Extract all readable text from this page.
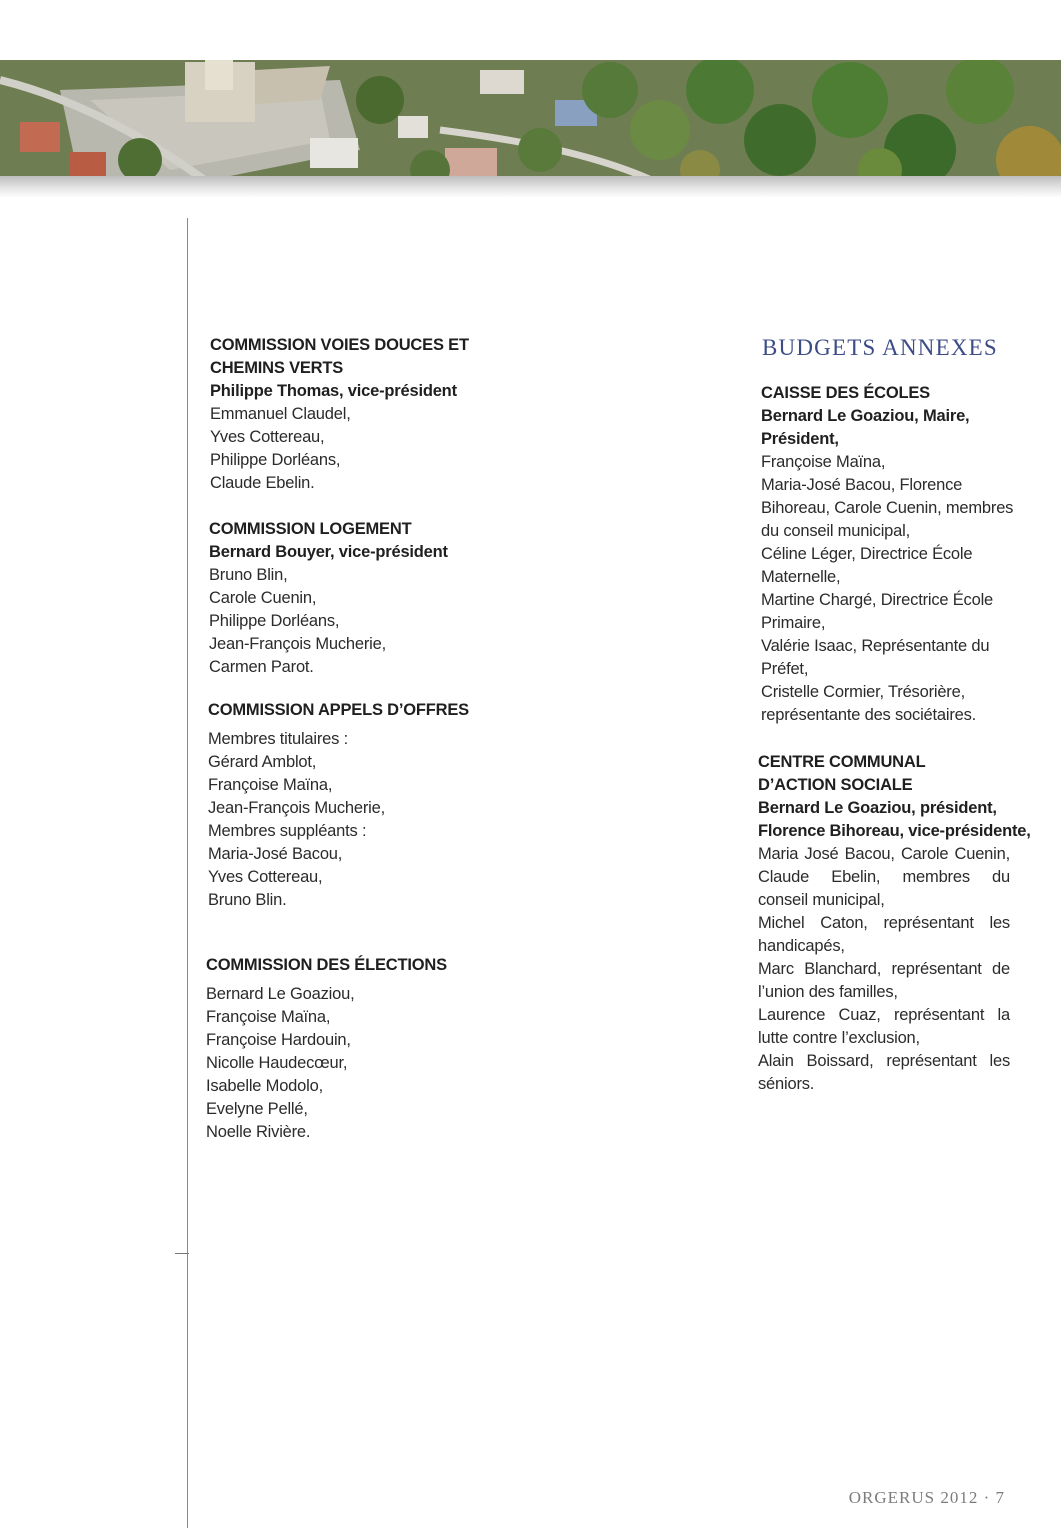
COMMISSION VOIES DOUCES ET
CHEMINS VERTS
Philippe Thomas, vice-président
Emmanuel Claudel,
Yves Cottereau,
Philippe Dorléans,
Claude Ebelin.
COMMISSION LOGEMENT
Bernard Bouyer, vice-président
Bruno Blin,
Carole Cuenin,
Philippe Dorléans,
Jean-François Mucherie,
Carmen Parot.
COMMISSION APPELS D’OFFRES
Membres titulaires :
Gérard Amblot,
Françoise Maïna,
Jean-François Mucherie,
Membres suppléants :
Maria-José Bacou,
Yves Cottereau,
Bruno Blin.
COMMISSION DES ÉLECTIONS
Bernard Le Goaziou,
Françoise Maïna,
Françoise Hardouin,
Nicolle Haudecœur,
Isabelle Modolo,
Evelyne Pellé,
Noelle Rivière.
BUDGETS ANNEXES
CAISSE DES ÉCOLES
Bernard Le Goaziou, Maire,
Président,
Françoise Maïna,
Maria-José Bacou, Florence
Bihoreau, Carole Cuenin, membres
du conseil municipal,
Céline Léger, Directrice École
Maternelle,
Martine Chargé, Directrice École
Primaire,
Valérie Isaac, Représentante du
Préfet,
Cristelle Cormier, Trésorière,
représentante des sociétaires.
CENTRE COMMUNAL
D’ACTION SOCIALE
Bernard Le Goaziou, président,
Florence Bihoreau, vice-présidente,
Maria José Bacou, Carole Cuenin, Claude Ebelin, membres du conseil municipal,
Michel Caton, représentant les handicapés,
Marc Blanchard, représentant de l’union des familles,
Laurence Cuaz, représentant la lutte contre l’exclusion,
Alain Boissard, représentant les séniors.
ORGERUS 2012 · 7
